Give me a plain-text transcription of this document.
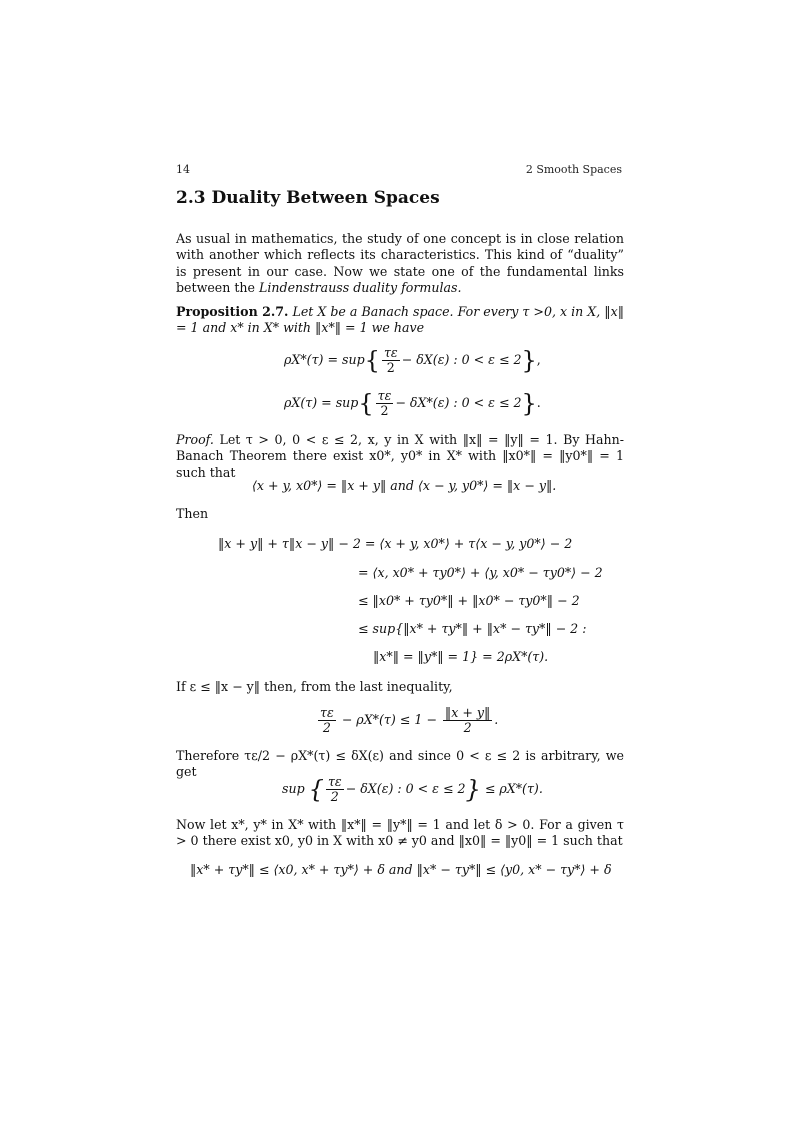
14	2 Smooth Spaces
2.3 Duality Between Spaces
As usual in mathematics, the study of one concept is in close relation with another which reflects its characteristics. This kind of “duality” is present in our case. Now we state one of the fundamental links between the Lindenstrauss duality formulas.
Proposition 2.7. Let X be a Banach space. For every τ >0, x in X, ‖x‖ = 1 and x* in X* with ‖x*‖ = 1 we have
$\rho X*(\tau) = sup\{ \frac{\tau\varepsilon}{2} - \delta X(\varepsilon)$ : 0 < ε ≤ 2},
$\rho X(\tau) = sup\{ \frac{\tau\varepsilon}{2} - \delta X*(\varepsilon)$ : 0 < ε ≤ 2}.
Proof. Let τ > 0, 0 < ε ≤ 2, x, y in X with ‖x‖ = ‖y‖ = 1. By Hahn-Banach Theorem there exist x0*, y0* in X* with ‖x0*‖ = ‖y0*‖ = 1 such that
⟨x + y, x0*⟩ = ‖x + y‖ and ⟨x − y, y0*⟩ = ‖x − y‖.
Then
‖x + y‖ + τ‖x − y‖ − 2 = ⟨x + y, x0*⟩ + τ⟨x − y, y0*⟩ − 2
= ⟨x, x0* + τy0*⟩ + ⟨y, x0* − τy0*⟩ − 2
≤ ‖x0* + τy0*‖ + ‖x0* − τy0*‖ − 2
≤ sup{‖x* + τy*‖ + ‖x* − τy*‖ − 2 :
‖x*‖ = ‖y*‖ = 1} = 2ρX*(τ).
If ε ≤ ‖x − y‖ then, from the last inequality,
$\frac{\tau\varepsilon}{2} - \rho X*(\tau) \le 1 - \frac{‖x + y‖}{2}$ .
Therefore τε/2 − ρX*(τ) ≤ δX(ε) and since 0 < ε ≤ 2 is arbitrary, we get
sup { $\frac{\tau\varepsilon}{2} - \delta X(\varepsilon)$ : 0 < ε ≤ 2} ≤ ρX*(τ).
Now let x*, y* in X* with ‖x*‖ = ‖y*‖ = 1 and let δ > 0. For a given τ > 0 there exist x0, y0 in X with x0 ≠ y0 and ‖x0‖ = ‖y0‖ = 1 such that
‖x* + τy*‖ ≤ ⟨x0, x* + τy*⟩ + δ and ‖x* − τy*‖ ≤ ⟨y0, x* − τy*⟩ + δ
